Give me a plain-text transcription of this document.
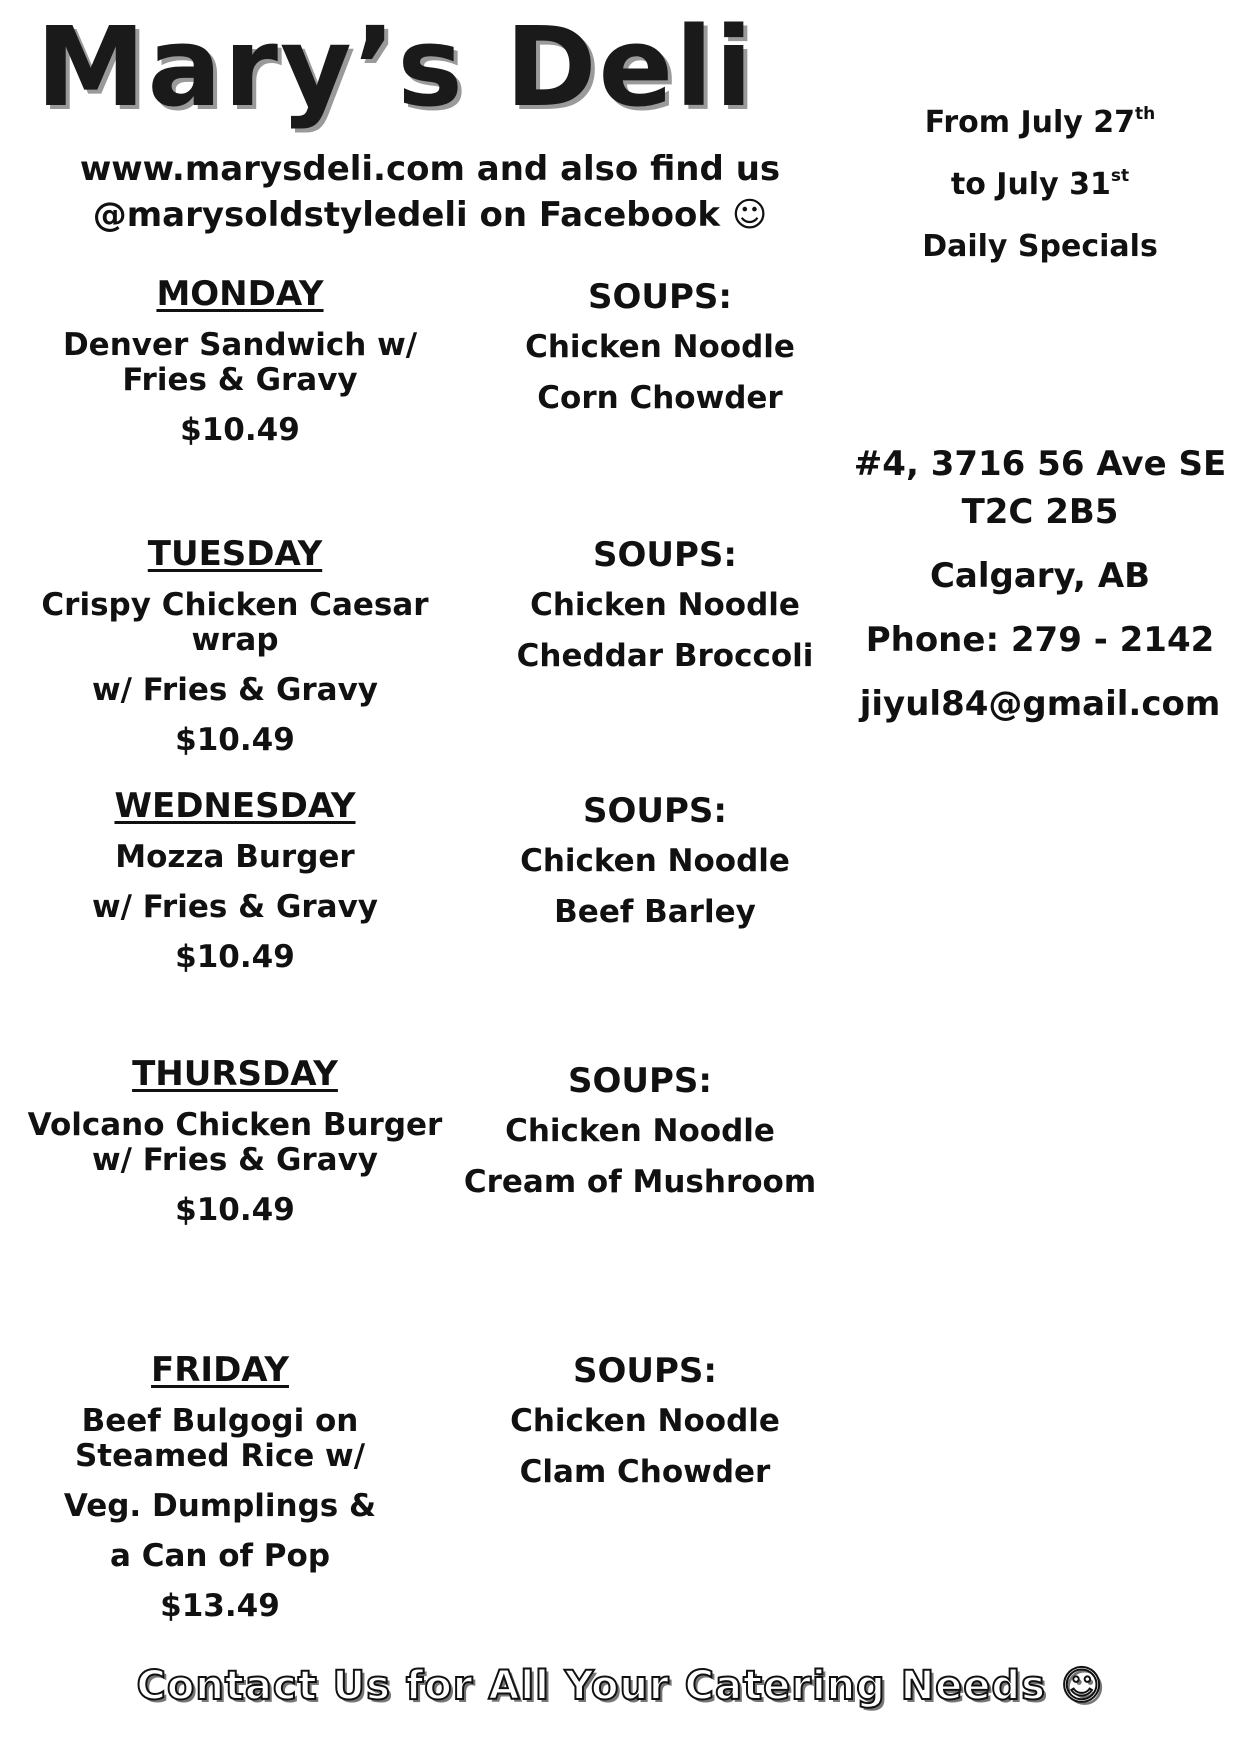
Mary’s Deli
www.marysdeli.com and also find us
@marysoldstyledeli on Facebook ☺
From July 27th
to July 31st
Daily Specials
#4, 3716 56 Ave SE
T2C 2B5
Calgary, AB
Phone: 279 - 2142
jiyul84@gmail.com
MONDAY
Denver Sandwich w/
Fries & Gravy
$10.49
SOUPS:
Chicken Noodle
Corn Chowder
TUESDAY
Crispy Chicken Caesar
wrap
w/ Fries & Gravy
$10.49
SOUPS:
Chicken Noodle
Cheddar Broccoli
WEDNESDAY
Mozza Burger
w/ Fries & Gravy
$10.49
SOUPS:
Chicken Noodle
Beef Barley
THURSDAY
Volcano Chicken Burger
w/ Fries & Gravy
$10.49
SOUPS:
Chicken Noodle
Cream of Mushroom
FRIDAY
Beef Bulgogi on
Steamed Rice w/
Veg. Dumplings &
a Can of Pop
$13.49
SOUPS:
Chicken Noodle
Clam Chowder
Contact Us for All Your Catering Needs ☺
